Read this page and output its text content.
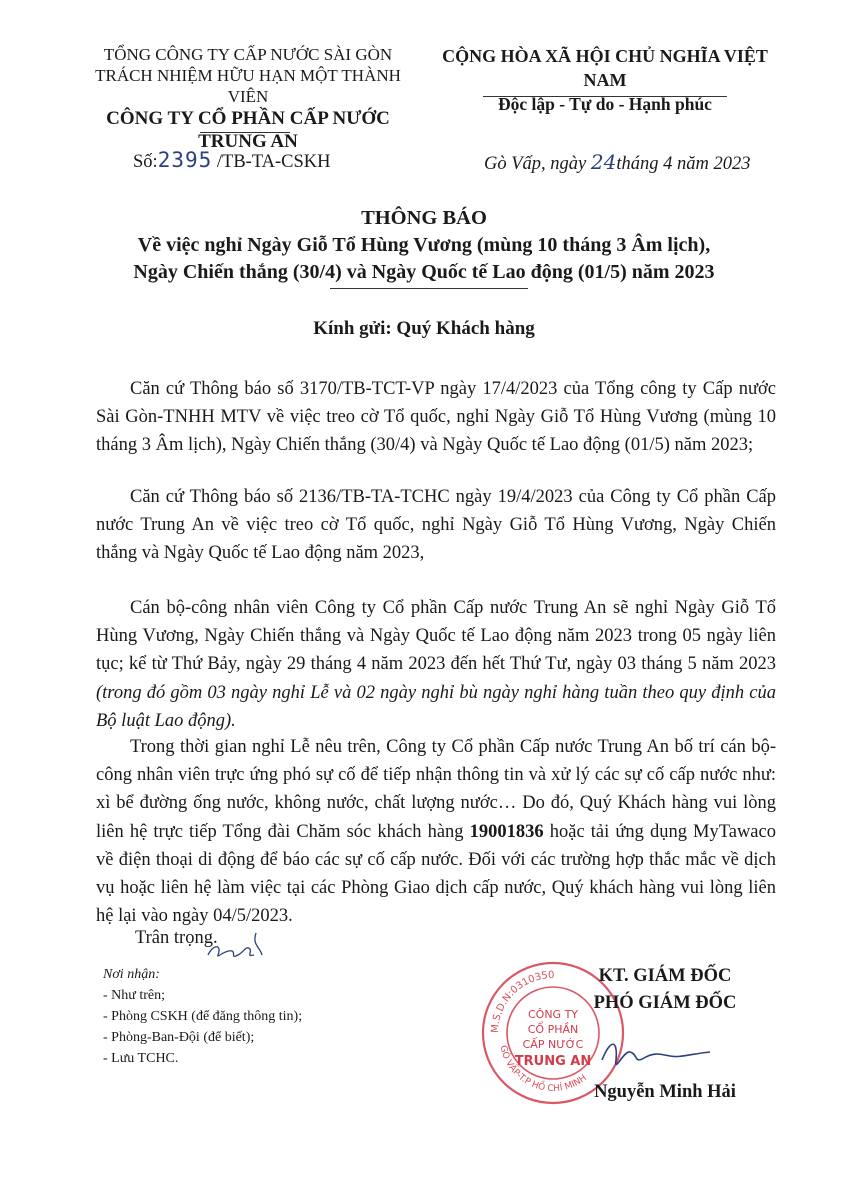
TỔNG CÔNG TY CẤP NƯỚC SÀI GÒN
TRÁCH NHIỆM HỮU HẠN MỘT THÀNH VIÊN
CÔNG TY CỔ PHẦN CẤP NƯỚC
TRUNG AN
CỘNG HÒA XÃ HỘI CHỦ NGHĨA VIỆT NAM
Độc lập - Tự do - Hạnh phúc
Số:2395 /TB-TA-CSKH	Gò Vấp, ngày 24tháng 4 năm 2023
THÔNG BÁO
Về việc nghỉ Ngày Giỗ Tổ Hùng Vương (mùng 10 tháng 3 Âm lịch),
Ngày Chiến thắng (30/4) và Ngày Quốc tế Lao động (01/5) năm 2023
Kính gửi: Quý Khách hàng
Căn cứ Thông báo số 3170/TB-TCT-VP ngày 17/4/2023 của Tổng công ty Cấp nước Sài Gòn-TNHH MTV về việc treo cờ Tổ quốc, nghỉ Ngày Giỗ Tổ Hùng Vương (mùng 10 tháng 3 Âm lịch), Ngày Chiến thắng (30/4) và Ngày Quốc tế Lao động (01/5) năm 2023;
Căn cứ Thông báo số 2136/TB-TA-TCHC ngày 19/4/2023 của Công ty Cổ phần Cấp nước Trung An về việc treo cờ Tổ quốc, nghỉ Ngày Giỗ Tổ Hùng Vương, Ngày Chiến thắng và Ngày Quốc tế Lao động năm 2023,
Cán bộ-công nhân viên Công ty Cổ phần Cấp nước Trung An sẽ nghỉ Ngày Giỗ Tổ Hùng Vương, Ngày Chiến thắng và Ngày Quốc tế Lao động năm 2023 trong 05 ngày liên tục; kể từ Thứ Bảy, ngày 29 tháng 4 năm 2023 đến hết Thứ Tư, ngày 03 tháng 5 năm 2023 (trong đó gồm 03 ngày nghỉ Lễ và 02 ngày nghỉ bù ngày nghỉ hàng tuần theo quy định của Bộ luật Lao động).
Trong thời gian nghỉ Lễ nêu trên, Công ty Cổ phần Cấp nước Trung An bố trí cán bộ-công nhân viên trực ứng phó sự cố để tiếp nhận thông tin và xử lý các sự cố cấp nước như: xì bể đường ống nước, không nước, chất lượng nước… Do đó, Quý Khách hàng vui lòng liên hệ trực tiếp Tổng đài Chăm sóc khách hàng 19001836 hoặc tải ứng dụng MyTawaco về điện thoại di động để báo các sự cố cấp nước. Đối với các trường hợp thắc mắc về dịch vụ hoặc liên hệ làm việc tại các Phòng Giao dịch cấp nước, Quý khách hàng vui lòng liên hệ lại vào ngày 04/5/2023.
Trân trọng.
Nơi nhận:
- Như trên;
- Phòng CSKH (để đăng thông tin);
- Phòng-Ban-Đội (để biết);
- Lưu TCHC.
M.S.D.N:0310350
GÒ VẤP-T.P HỒ CHÍ MINH
CÔNG TY
CỔ PHẦN
CẤP NƯỚC
TRUNG AN
KT. GIÁM ĐỐC
PHÓ GIÁM ĐỐC
Nguyễn Minh Hải
